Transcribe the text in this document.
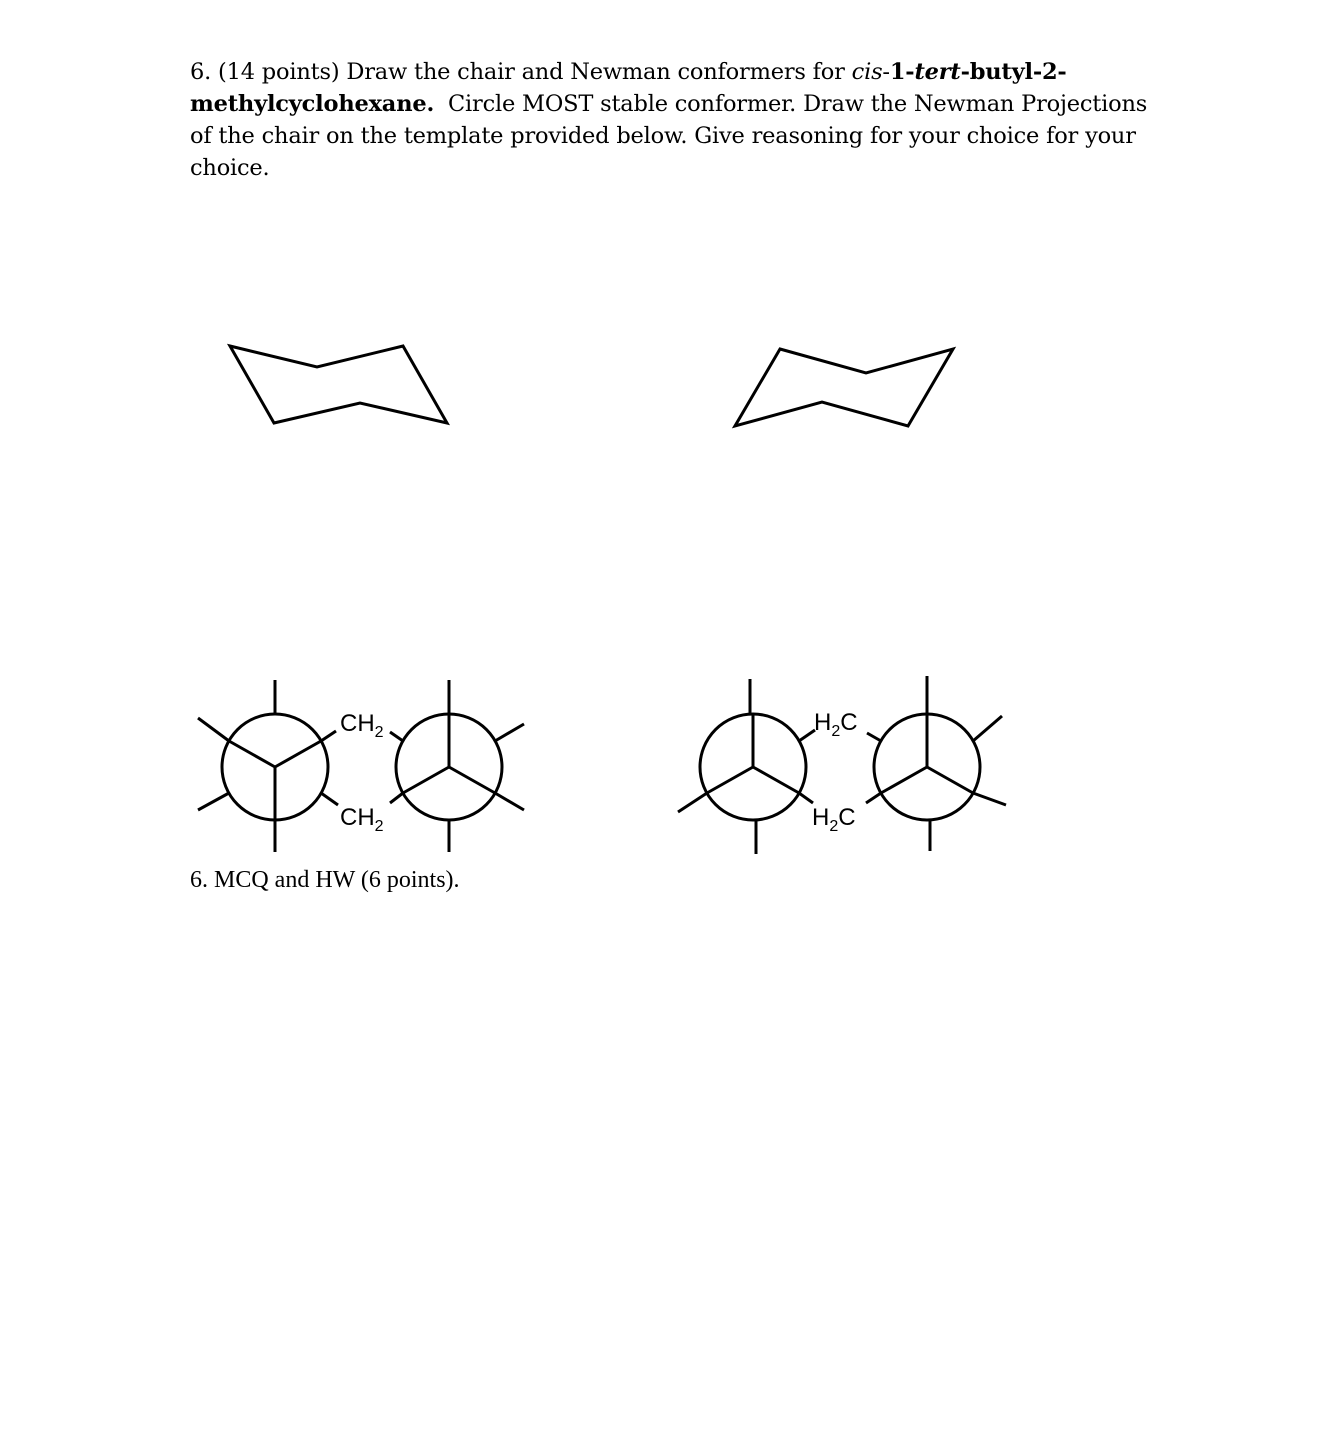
6. (14 points) Draw the chair and Newman conformers for cis-1-tert-butyl-2- methylcyclohexane. Circle MOST stable conformer. Draw the Newman Projections of the chair on the template provided below. Give reasoning for your choice for your choice.
$CH_2$
$CH_2$
$H_2C$
$H_2C$
6. MCQ and HW (6 points).
